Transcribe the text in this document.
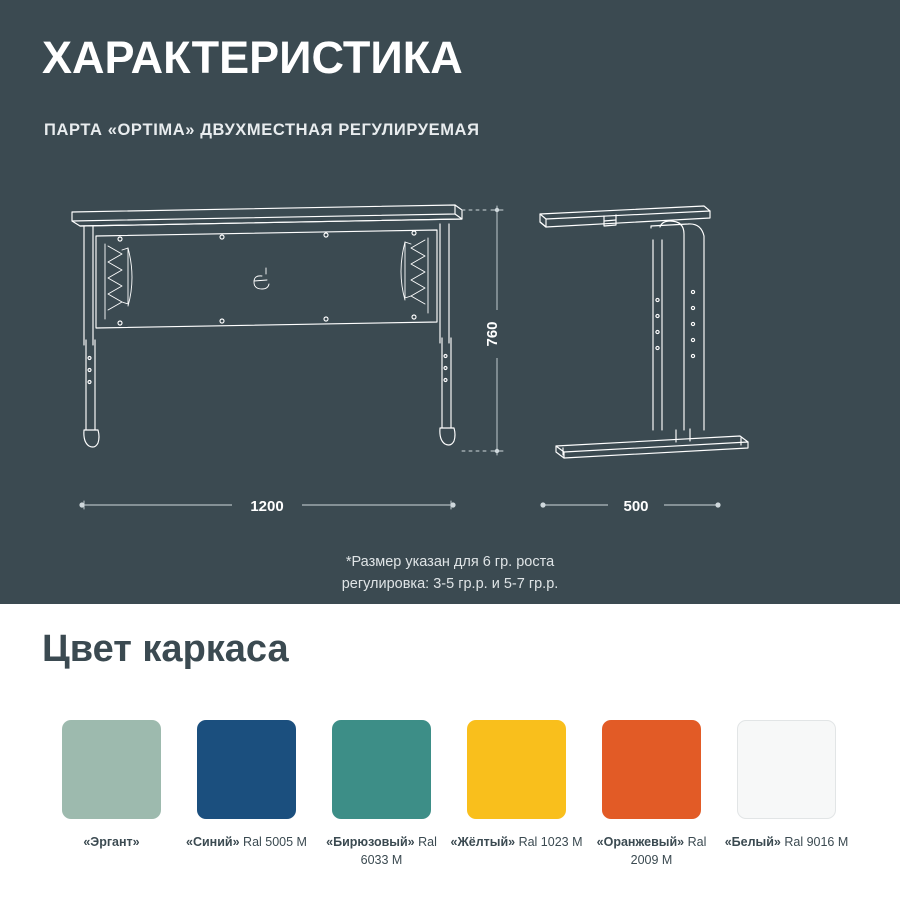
ХАРАКТЕРИСТИКА
ПАРТА «OPTIMA» ДВУХМЕСТНАЯ РЕГУЛИРУЕМАЯ
1200	500
760
*Размер указан для 6 гр. роста
регулировка: 3-5 гр.р. и 5-7 гр.р.
Цвет каркаса
«Эргант»	«Синий» Ral 5005 М	«Бирюзовый» Ral 6033 М
«Жёлтый» Ral 1023 М	«Оранжевый» Ral 2009 М
«Белый» Ral 9016 М
